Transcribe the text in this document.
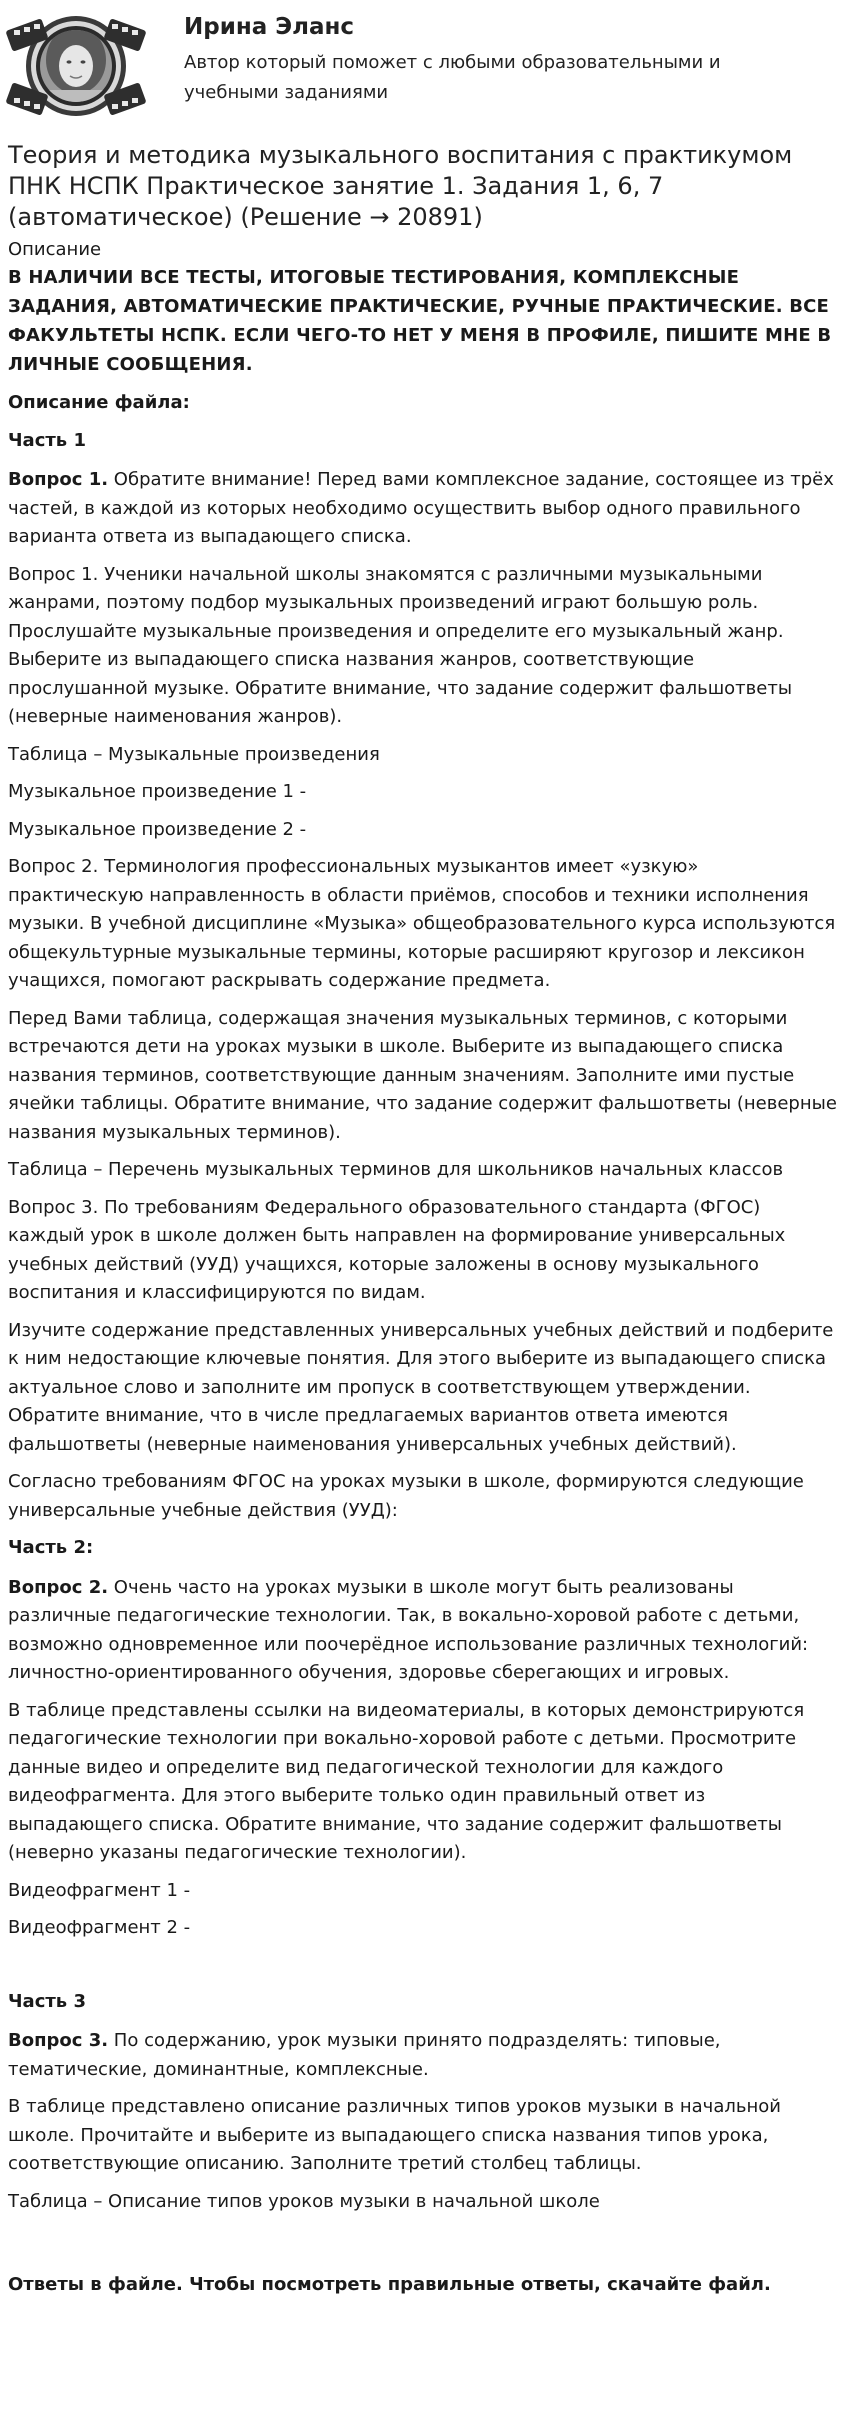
Ирина Эланс
Автор который поможет с любыми образовательными и учебными заданиями
Теория и методика музыкального воспитания с практикумом ПНК НСПК Практическое занятие 1. Задания 1, 6, 7 (автоматическое) (Решение → 20891)
Описание
В НАЛИЧИИ ВСЕ ТЕСТЫ, ИТОГОВЫЕ ТЕСТИРОВАНИЯ, КОМПЛЕКСНЫЕ ЗАДАНИЯ, АВТОМАТИЧЕСКИЕ ПРАКТИЧЕСКИЕ, РУЧНЫЕ ПРАКТИЧЕСКИЕ. ВСЕ ФАКУЛЬТЕТЫ НСПК. ЕСЛИ ЧЕГО-ТО НЕТ У МЕНЯ В ПРОФИЛЕ, ПИШИТЕ МНЕ В ЛИЧНЫЕ СООБЩЕНИЯ.
Описание файла:
Часть 1
Вопрос 1. Обратите внимание! Перед вами комплексное задание, состоящее из трёх частей, в каждой из которых необходимо осуществить выбор одного правильного варианта ответа из выпадающего списка.
Вопрос 1. Ученики начальной школы знакомятся с различными музыкальными жанрами, поэтому подбор музыкальных произведений играют большую роль. Прослушайте музыкальные произведения и определите его музыкальный жанр. Выберите из выпадающего списка названия жанров, соответствующие прослушанной музыке. Обратите внимание, что задание содержит фальшответы (неверные наименования жанров).
Таблица – Музыкальные произведения
Музыкальное произведение 1 -
Музыкальное произведение 2 -
Вопрос 2. Терминология профессиональных музыкантов имеет «узкую» практическую направленность в области приёмов, способов и техники исполнения музыки. В учебной дисциплине «Музыка» общеобразовательного курса используются общекультурные музыкальные термины, которые расширяют кругозор и лексикон учащихся, помогают раскрывать содержание предмета.
Перед Вами таблица, содержащая значения музыкальных терминов, с которыми встречаются дети на уроках музыки в школе. Выберите из выпадающего списка названия терминов, соответствующие данным значениям. Заполните ими пустые ячейки таблицы. Обратите внимание, что задание содержит фальшответы (неверные названия музыкальных терминов).
Таблица – Перечень музыкальных терминов для школьников начальных классов
Вопрос 3. По требованиям Федерального образовательного стандарта (ФГОС) каждый урок в школе должен быть направлен на формирование универсальных учебных действий (УУД) учащихся, которые заложены в основу музыкального воспитания и классифицируются по видам.
Изучите содержание представленных универсальных учебных действий и подберите к ним недостающие ключевые понятия. Для этого выберите из выпадающего списка актуальное слово и заполните им пропуск в соответствующем утверждении. Обратите внимание, что в числе предлагаемых вариантов ответа имеются фальшответы (неверные наименования универсальных учебных действий).
Согласно требованиям ФГОС на уроках музыки в школе, формируются следующие универсальные учебные действия (УУД):
Часть 2:
Вопрос 2. Очень часто на уроках музыки в школе могут быть реализованы различные педагогические технологии. Так, в вокально-хоровой работе с детьми, возможно одновременное или поочерёдное использование различных технологий: личностно-ориентированного обучения, здоровье сберегающих и игровых.
В таблице представлены ссылки на видеоматериалы, в которых демонстрируются педагогические технологии при вокально-хоровой работе с детьми. Просмотрите данные видео и определите вид педагогической технологии для каждого видеофрагмента. Для этого выберите только один правильный ответ из выпадающего списка. Обратите внимание, что задание содержит фальшответы (неверно указаны педагогические технологии).
Видеофрагмент 1 -
Видеофрагмент 2 -
Часть 3
Вопрос 3. По содержанию, урок музыки принято подразделять: типовые, тематические, доминантные, комплексные.
В таблице представлено описание различных типов уроков музыки в начальной школе. Прочитайте и выберите из выпадающего списка названия типов урока, соответствующие описанию. Заполните третий столбец таблицы.
Таблица – Описание типов уроков музыки в начальной школе
Ответы в файле. Чтобы посмотреть правильные ответы, скачайте файл.
